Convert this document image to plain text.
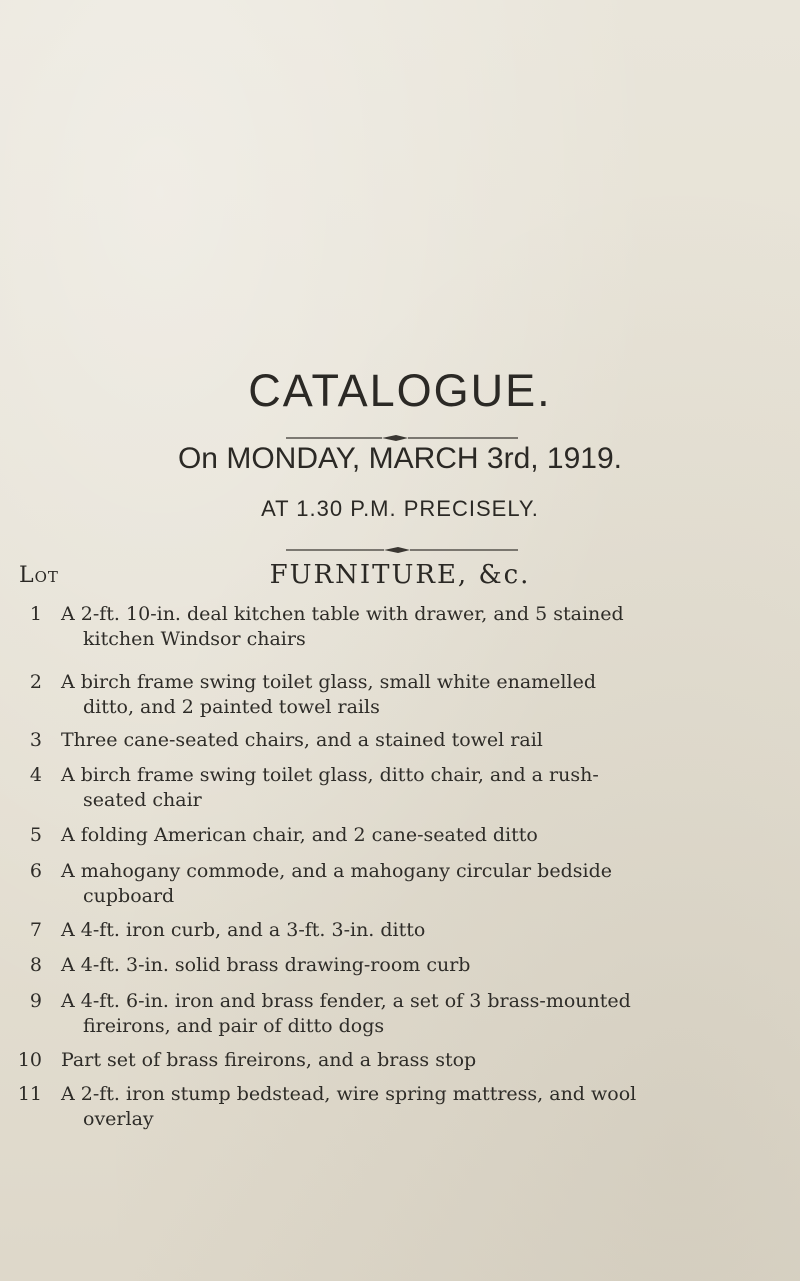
CATALOGUE.
On MONDAY, MARCH 3rd, 1919.
AT 1.30 P.M. PRECISELY.
Lot	FURNITURE, &c.
1 A 2-ft. 10-in. deal kitchen table with drawer, and 5 stained
kitchen Windsor chairs
2 A birch frame swing toilet glass, small white enamelled
ditto, and 2 painted towel rails
3 Three cane-seated chairs, and a stained towel rail
4 A birch frame swing toilet glass, ditto chair, and a rush-
seated chair
5 A folding American chair, and 2 cane-seated ditto
6 A mahogany commode, and a mahogany circular bedside
cupboard
7 A 4-ft. iron curb, and a 3-ft. 3-in. ditto
8 A 4-ft. 3-in. solid brass drawing-room curb
9 A 4-ft. 6-in. iron and brass fender, a set of 3 brass-mounted
fireirons, and pair of ditto dogs
10 Part set of brass fireirons, and a brass stop
11 A 2-ft. iron stump bedstead, wire spring mattress, and wool
overlay
